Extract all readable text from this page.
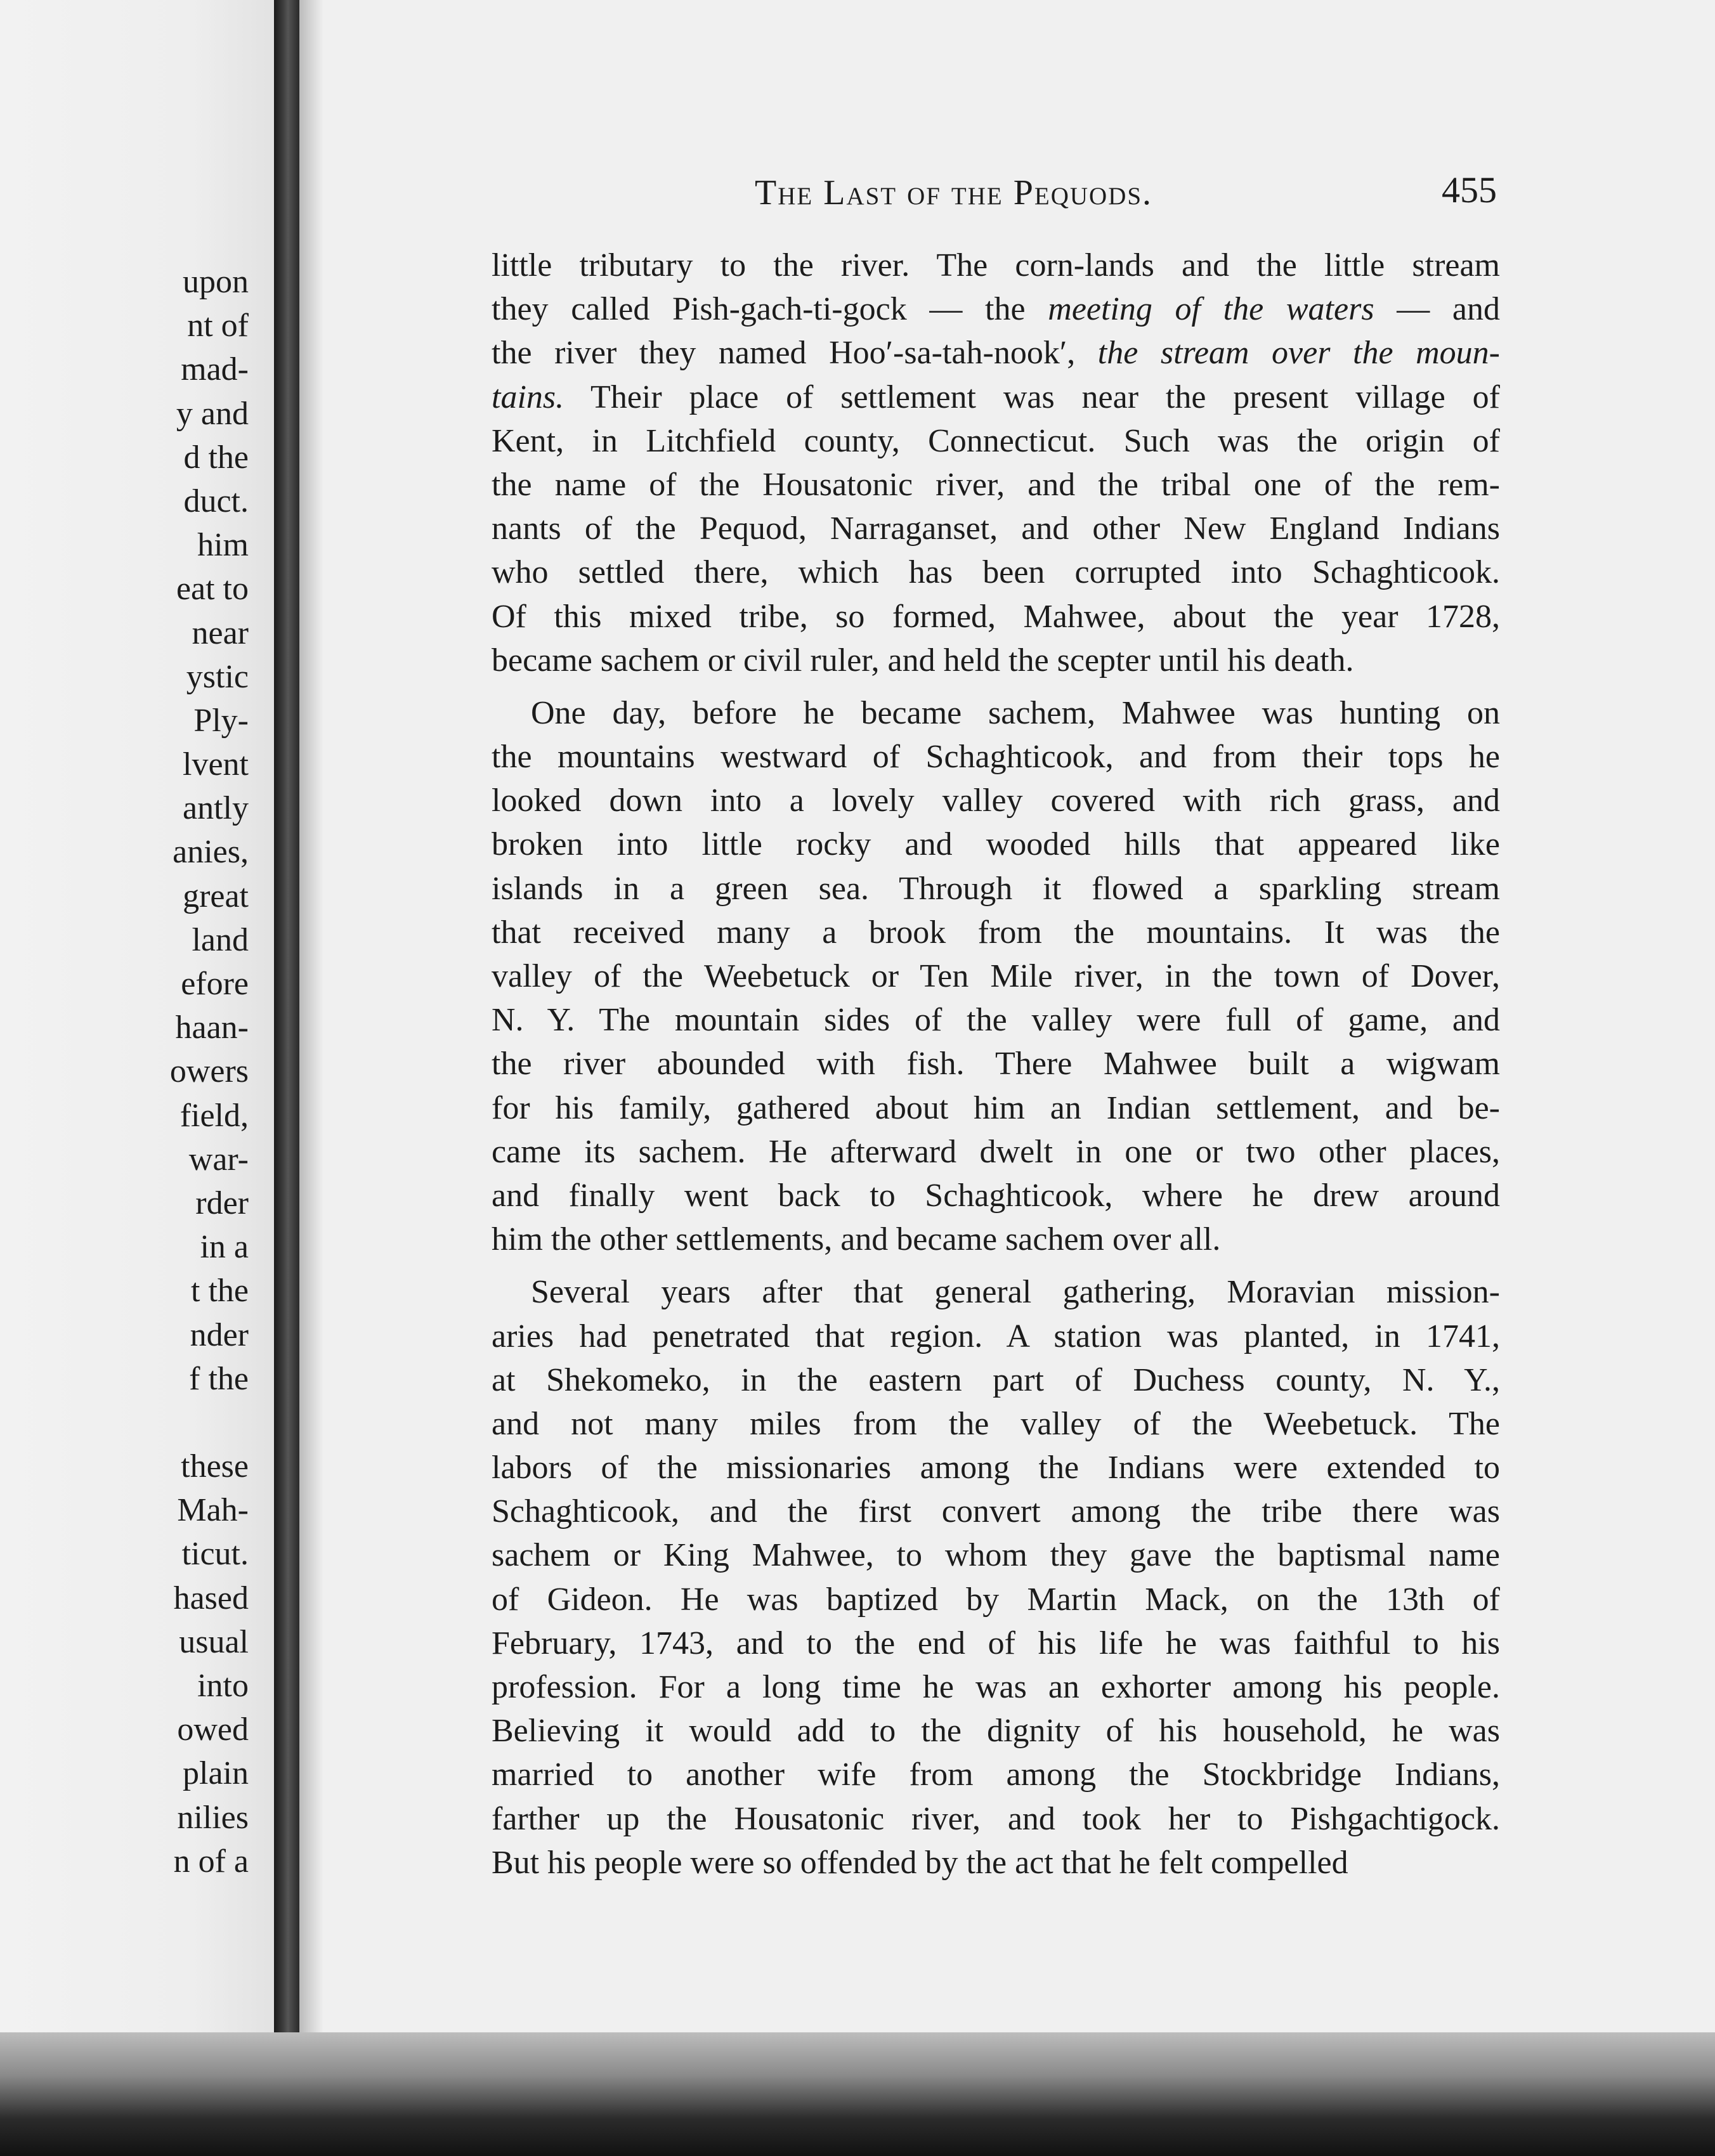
upon
nt of
mad-
y and
d the
duct.
him
eat to
near
ystic
Ply-
lvent
antly
anies,
great
land
efore
haan-
owers
field,
war-
rder
in a
t the
nder
f the
these
Mah-
ticut.
hased
usual
into
owed
plain
nilies
n of a
The Last of the Pequods.	455
little tributary to the river. The corn-lands and the little stream
they called Pish-gach-ti-gock — the meeting of the waters — and
the river they named Hoo′-sa-tah-nook′, the stream over the moun-
tains. Their place of settlement was near the present village of
Kent, in Litchfield county, Connecticut. Such was the origin of
the name of the Housatonic river, and the tribal one of the rem-
nants of the Pequod, Narraganset, and other New England Indians
who settled there, which has been corrupted into Schaghticook.
Of this mixed tribe, so formed, Mahwee, about the year 1728,
became sachem or civil ruler, and held the scepter until his death.
One day, before he became sachem, Mahwee was hunting on
the mountains westward of Schaghticook, and from their tops he
looked down into a lovely valley covered with rich grass, and
broken into little rocky and wooded hills that appeared like
islands in a green sea. Through it flowed a sparkling stream
that received many a brook from the mountains. It was the
valley of the Weebetuck or Ten Mile river, in the town of Dover,
N. Y. The mountain sides of the valley were full of game, and
the river abounded with fish. There Mahwee built a wigwam
for his family, gathered about him an Indian settlement, and be-
came its sachem. He afterward dwelt in one or two other places,
and finally went back to Schaghticook, where he drew around
him the other settlements, and became sachem over all.
Several years after that general gathering, Moravian mission-
aries had penetrated that region. A station was planted, in 1741,
at Shekomeko, in the eastern part of Duchess county, N. Y.,
and not many miles from the valley of the Weebetuck. The
labors of the missionaries among the Indians were extended to
Schaghticook, and the first convert among the tribe there was
sachem or King Mahwee, to whom they gave the baptismal name
of Gideon. He was baptized by Martin Mack, on the 13th of
February, 1743, and to the end of his life he was faithful to his
profession. For a long time he was an exhorter among his people.
Believing it would add to the dignity of his household, he was
married to another wife from among the Stockbridge Indians,
farther up the Housatonic river, and took her to Pishgachtigock.
But his people were so offended by the act that he felt compelled
